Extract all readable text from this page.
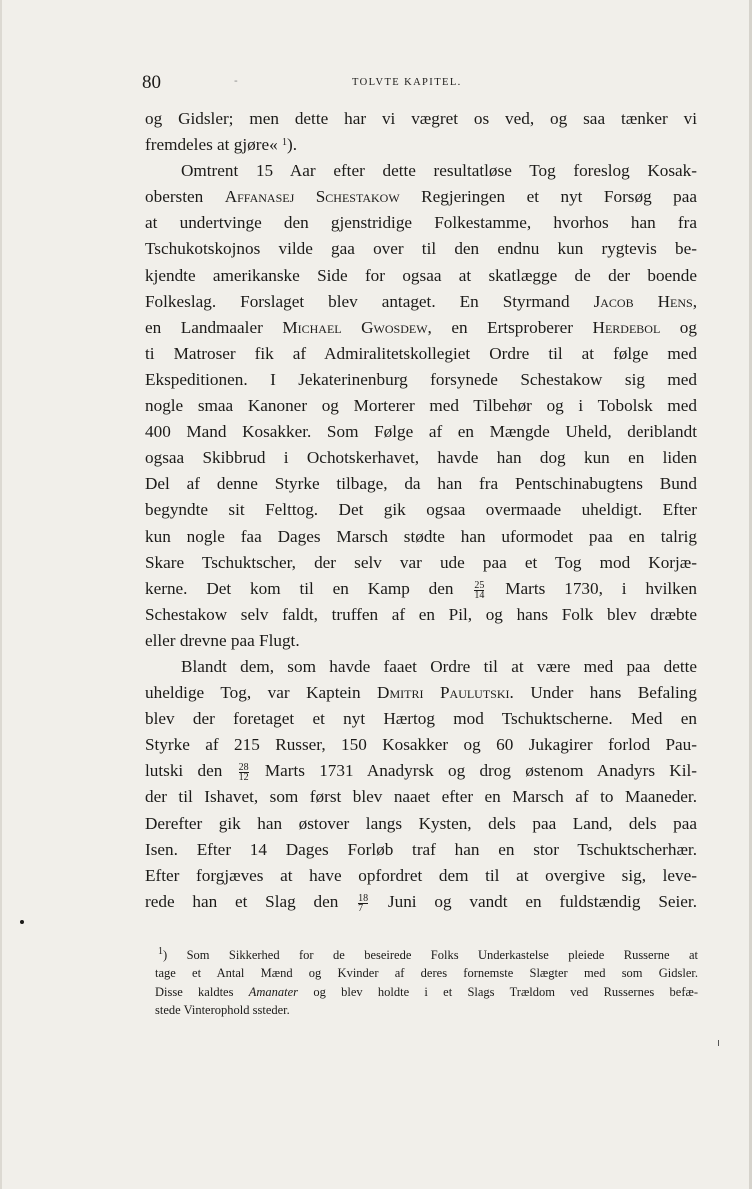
80	-	TOLVTE KAPITEL.
og Gidsler; men dette har vi vægret os ved, og saa tænker vi
fremdeles at gjøre« $^1$).
Omtrent 15 Aar efter dette resultatløse Tog foreslog Kosak-
obersten Affanasej Schestakow Regjeringen et nyt Forsøg paa
at undertvinge den gjenstridige Folkestamme, hvorhos han fra
Tschukotskojnos vilde gaa over til den endnu kun rygtevis be-
kjendte amerikanske Side for ogsaa at skatlægge de der boende
Folkeslag. Forslaget blev antaget. En Styrmand Jacob Hens,
en Landmaaler Michael Gwosdew, en Ertsproberer Herdebol og
ti Matroser fik af Admiralitetskollegiet Ordre til at følge med
Ekspeditionen. I Jekaterinenburg forsynede Schestakow sig med
nogle smaa Kanoner og Morterer med Tilbehør og i Tobolsk med
400 Mand Kosakker. Som Følge af en Mængde Uheld, deriblandt
ogsaa Skibbrud i Ochotskerhavet, havde han dog kun en liden
Del af denne Styrke tilbage, da han fra Pentschinabugtens Bund
begyndte sit Felttog. Det gik ogsaa overmaade uheldigt. Efter
kun nogle faa Dages Marsch stødte han uformodet paa en talrig
Skare Tschuktscher, der selv var ude paa et Tog mod Korjæ-
kerne. Det kom til en Kamp den $\frac{25}{14}$ Marts 1730, i hvilken
Schestakow selv faldt, truffen af en Pil, og hans Folk blev dræbte
eller drevne paa Flugt.
Blandt dem, som havde faaet Ordre til at være med paa dette
uheldige Tog, var Kaptein Dmitri Paulutski. Under hans Befaling
blev der foretaget et nyt Hærtog mod Tschuktscherne. Med en
Styrke af 215 Russer, 150 Kosakker og 60 Jukagirer forlod Pau-
lutski den $\frac{28}{12}$ Marts 1731 Anadyrsk og drog østenom Anadyrs Kil-
der til Ishavet, som først blev naaet efter en Marsch af to Maaneder.
Derefter gik han østover langs Kysten, dels paa Land, dels paa
Isen. Efter 14 Dages Forløb traf han en stor Tschuktscherhær.
Efter forgjæves at have opfordret dem til at overgive sig, leve-
rede han et Slag den $\frac{18}{7}$ Juni og vandt en fuldstændig Seier.
$^1$) Som Sikkerhed for de beseirede Folks Underkastelse pleiede Russerne at
tage et Antal Mænd og Kvinder af deres fornemste Slægter med som Gidsler.
Disse kaldtes Amanater og blev holdte i et Slags Trældom ved Russernes befæ-
stede Vinterophold ssteder.
